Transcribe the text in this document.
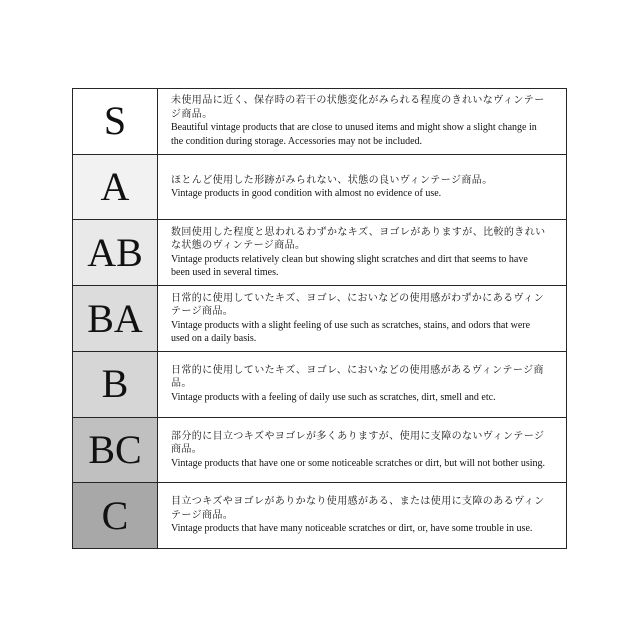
S	未使用品に近く、保存時の若干の状態変化がみられる程度のきれいなヴィンテージ商品。
Beautiful vintage products that are close to unused items and might show a slight change in the condition during storage. Accessories may not be included.
A	ほとんど使用した形跡がみられない、状態の良いヴィンテージ商品。
Vintage products in good condition with almost no evidence of use.
AB	数回使用した程度と思われるわずかなキズ、ヨゴレがありますが、比較的きれいな状態のヴィンテージ商品。
Vintage products relatively clean but showing slight scratches and dirt that seems to have been used in several times.
BA	日常的に使用していたキズ、ヨゴレ、においなどの使用感がわずかにあるヴィンテージ商品。
Vintage products with a slight feeling of use such as scratches, stains, and odors that were used on a daily basis.
B	日常的に使用していたキズ、ヨゴレ、においなどの使用感があるヴィンテージ商品。
Vintage products with a feeling of daily use such as scratches, dirt, smell and etc.
BC	部分的に目立つキズやヨゴレが多くありますが、使用に支障のないヴィンテージ商品。
Vintage products that have one or some noticeable scratches or dirt, but will not bother using.
C	目立つキズやヨゴレがありかなり使用感がある、または使用に支障のあるヴィンテージ商品。
Vintage products that have many noticeable scratches or dirt, or, have some trouble in use.
